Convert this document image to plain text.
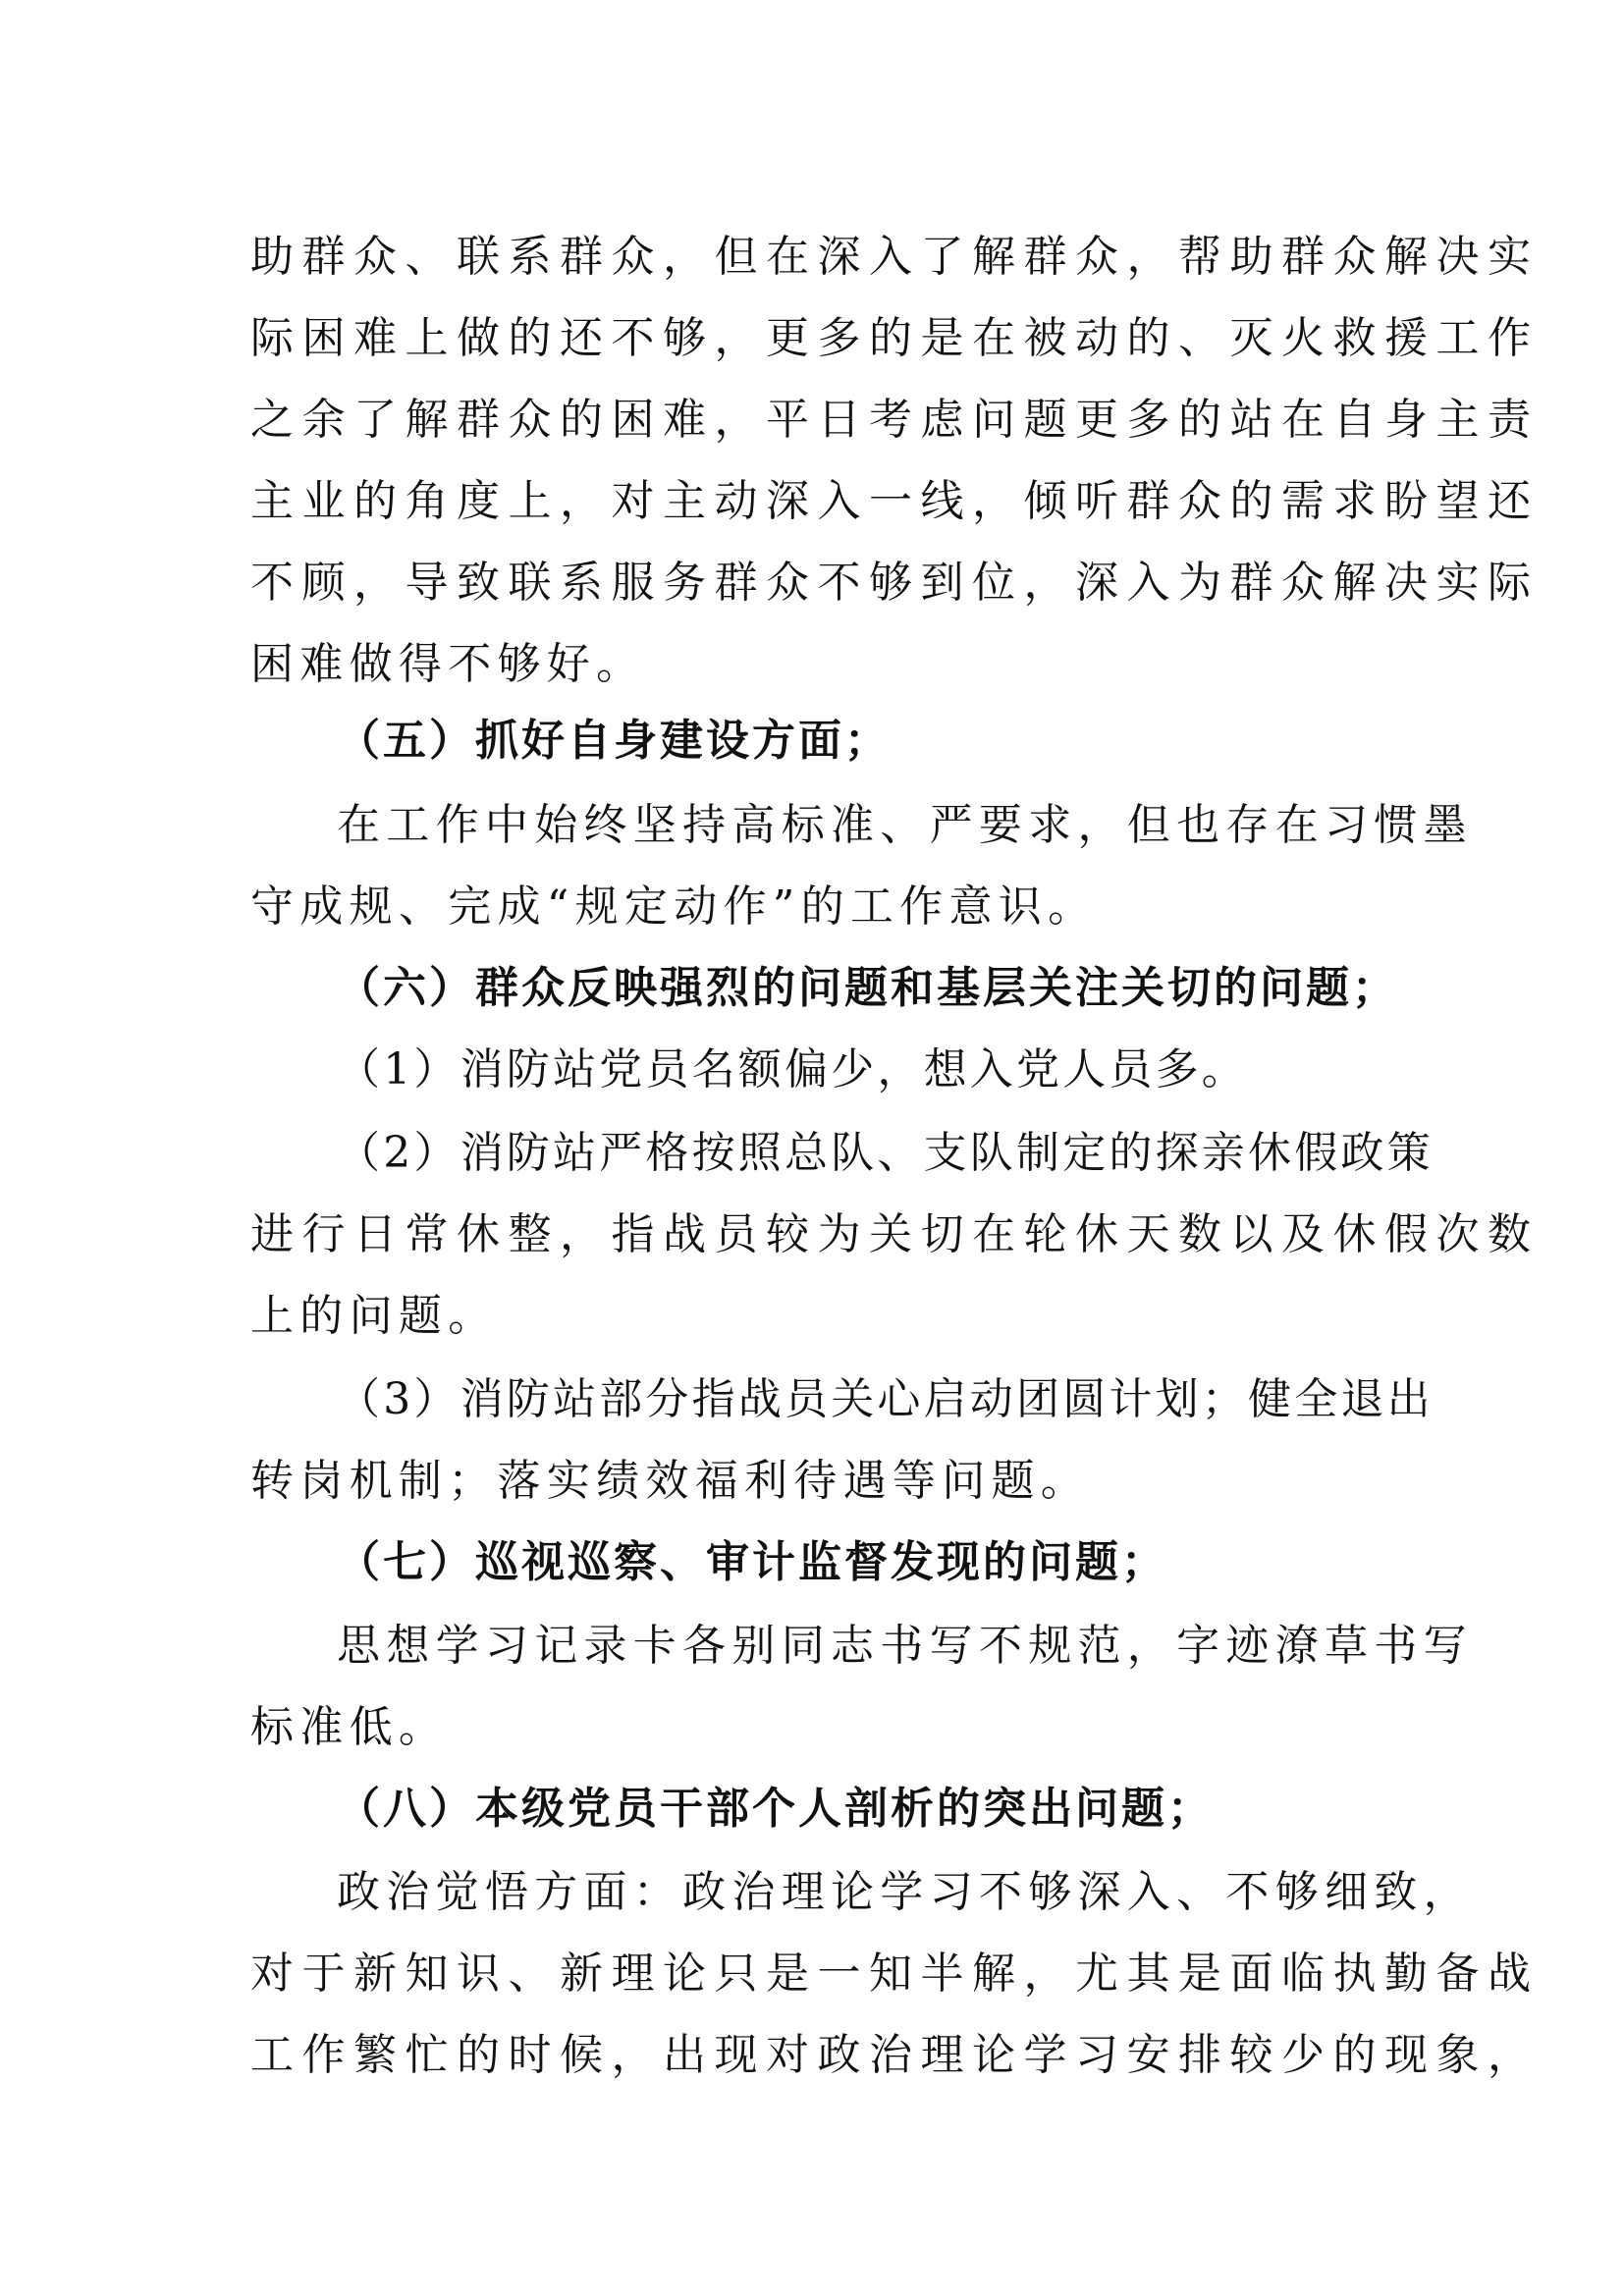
助群众、联系群众，但在深入了解群众，帮助群众解决实
际困难上做的还不够，更多的是在被动的、灭火救援工作
之余了解群众的困难，平日考虑问题更多的站在自身主责
主业的角度上，对主动深入一线，倾听群众的需求盼望还
不顾，导致联系服务群众不够到位，深入为群众解决实际
困难做得不够好。
（五）抓好自身建设方面；
在工作中始终坚持高标准、严要求，但也存在习惯墨
守成规、完成“规定动作”的工作意识。
（六）群众反映强烈的问题和基层关注关切的问题；
（1）消防站党员名额偏少，想入党人员多。
（2）消防站严格按照总队、支队制定的探亲休假政策
进行日常休整，指战员较为关切在轮休天数以及休假次数
上的问题。
（3）消防站部分指战员关心启动团圆计划；健全退出
转岗机制；落实绩效福利待遇等问题。
（七）巡视巡察、审计监督发现的问题；
思想学习记录卡各别同志书写不规范，字迹潦草书写
标准低。
（八）本级党员干部个人剖析的突出问题；
政治觉悟方面：政治理论学习不够深入、不够细致，
对于新知识、新理论只是一知半解，尤其是面临执勤备战
工作繁忙的时候，出现对政治理论学习安排较少的现象，
